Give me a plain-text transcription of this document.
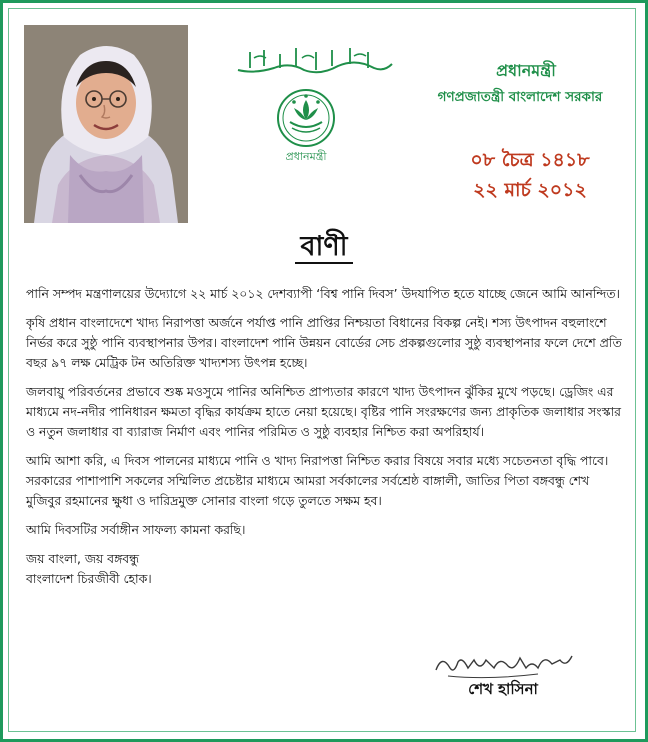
প্রধানমন্ত্রী
প্রধানমন্ত্রী
গণপ্রজাতন্ত্রী বাংলাদেশ সরকার
০৮ চৈত্র ১৪১৮
২২ মার্চ ২০১২
বাণী

পানি সম্পদ মন্ত্রণালয়ের উদ্যোগে ২২ মার্চ ২০১২ দেশব্যাপী ‘বিশ্ব পানি দিবস’ উদযাপিত হতে যাচ্ছে জেনে আমি আনন্দিত।

কৃষি প্রধান বাংলাদেশে খাদ্য নিরাপত্তা অর্জনে পর্যাপ্ত পানি প্রাপ্তির নিশ্চয়তা বিধানের বিকল্প নেই। শস্য উৎপাদন বহুলাংশে নির্ভর করে সুষ্ঠু পানি ব্যবস্থাপনার উপর। বাংলাদেশ পানি উন্নয়ন বোর্ডের সেচ প্রকল্পগুলোর সুষ্ঠু ব্যবস্থাপনার ফলে দেশে প্রতি বছর ৯৭ লক্ষ মেট্রিক টন অতিরিক্ত খাদ্যশস্য উৎপন্ন হচ্ছে।

জলবায়ু পরিবর্তনের প্রভাবে শুষ্ক মওসুমে পানির অনিশ্চিত প্রাপ্যতার কারণে খাদ্য উৎপাদন ঝুঁকির মুখে পড়ছে। ড্রেজিং এর মাধ্যমে নদ-নদীর পানিধারন ক্ষমতা বৃদ্ধির কার্যক্রম হাতে নেয়া হয়েছে। বৃষ্টির পানি সংরক্ষণের জন্য প্রাকৃতিক জলাধার সংস্কার ও নতুন জলাধার বা ব্যারাজ নির্মাণ এবং পানির পরিমিত ও সুষ্ঠু ব্যবহার নিশ্চিত করা অপরিহার্য।

আমি আশা করি, এ দিবস পালনের মাধ্যমে পানি ও খাদ্য নিরাপত্তা নিশ্চিত করার বিষয়ে সবার মধ্যে সচেতনতা বৃদ্ধি পাবে। সরকারের পাশাপাশি সকলের সম্মিলিত প্রচেষ্টার মাধ্যমে আমরা সর্বকালের সর্বশ্রেষ্ঠ বাঙ্গালী, জাতির পিতা বঙ্গবন্ধু শেখ মুজিবুর রহমানের ক্ষুধা ও দারিদ্রমুক্ত সোনার বাংলা গড়ে তুলতে সক্ষম হব।

আমি দিবসটির সর্বাঙ্গীন সাফল্য কামনা করছি।

জয় বাংলা, জয় বঙ্গবন্ধু
বাংলাদেশ চিরজীবী হোক।
শেখ হাসিনা
